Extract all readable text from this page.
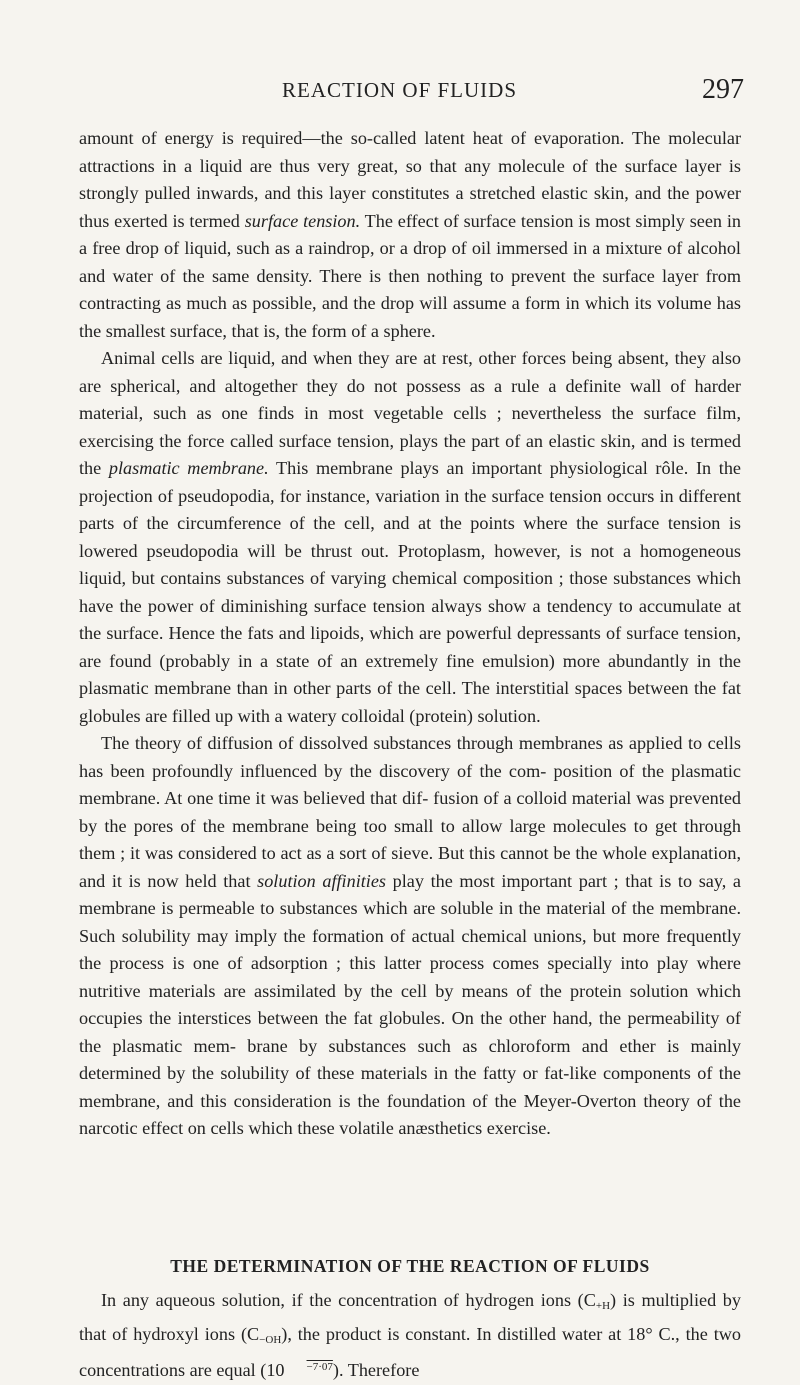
REACTION OF FLUIDS	297

amount of energy is required—the so-called latent heat of evaporation. The molecular attractions in a liquid are thus very great, so that any molecule of the surface layer is strongly pulled inwards, and this layer constitutes a stretched elastic skin, and the power thus exerted is termed surface tension. The effect of surface tension is most simply seen in a free drop of liquid, such as a raindrop, or a drop of oil immersed in a mixture of alcohol and water of the same density. There is then nothing to prevent the surface layer from contracting as much as possible, and the drop will assume a form in which its volume has the smallest surface, that is, the form of a sphere.

Animal cells are liquid, and when they are at rest, other forces being absent, they also are spherical, and altogether they do not possess as a rule a definite wall of harder material, such as one finds in most vegetable cells ; nevertheless the surface film, exercising the force called surface tension, plays the part of an elastic skin, and is termed the plasmatic membrane. This membrane plays an important physiological rôle. In the projection of pseudopodia, for instance, variation in the surface tension occurs in different parts of the circumference of the cell, and at the points where the surface tension is lowered pseudopodia will be thrust out. Protoplasm, however, is not a homogeneous liquid, but contains substances of varying chemical composition ; those substances which have the power of diminishing surface tension always show a tendency to accumulate at the surface. Hence the fats and lipoids, which are powerful depressants of surface tension, are found (probably in a state of an extremely fine emulsion) more abundantly in the plasmatic membrane than in other parts of the cell. The interstitial spaces between the fat globules are filled up with a watery colloidal (protein) solution.

The theory of diffusion of dissolved substances through membranes as applied to cells has been profoundly influenced by the discovery of the com- position of the plasmatic membrane. At one time it was believed that dif- fusion of a colloid material was prevented by the pores of the membrane being too small to allow large molecules to get through them ; it was considered to act as a sort of sieve. But this cannot be the whole explanation, and it is now held that solution affinities play the most important part ; that is to say, a membrane is permeable to substances which are soluble in the material of the membrane. Such solubility may imply the formation of actual chemical unions, but more frequently the process is one of adsorption ; this latter process comes specially into play where nutritive materials are assimilated by the cell by means of the protein solution which occupies the interstices between the fat globules. On the other hand, the permeability of the plasmatic mem- brane by substances such as chloroform and ether is mainly determined by the solubility of these materials in the fatty or fat-like components of the membrane, and this consideration is the foundation of the Meyer-Overton theory of the narcotic effect on cells which these volatile anæsthetics exercise.

THE DETERMINATION OF THE REACTION OF FLUIDS

In any aqueous solution, if the concentration of hydrogen ions $(C_{+H})$ is multiplied by that of hydroxyl ions $(C_{-OH})$, the product is constant. In distilled water at 18° C., the two concentrations are equal (10 −7·07). Therefore
